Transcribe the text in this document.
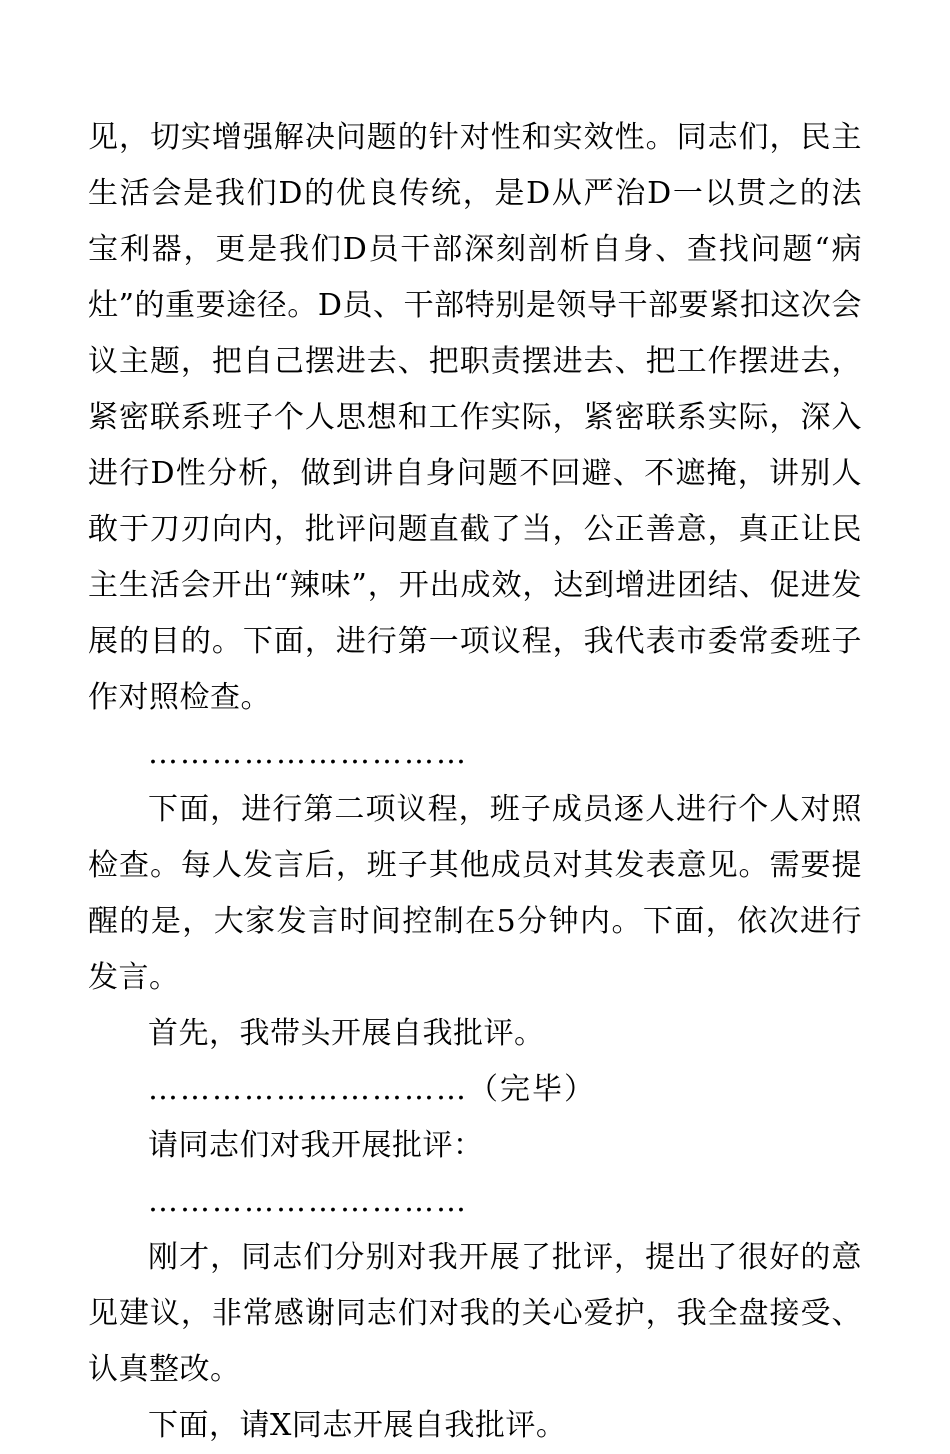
见，切实增强解决问题的针对性和实效性。同志们，民主生活会是我们D的优良传统，是D从严治D一以贯之的法宝利器，更是我们D员干部深刻剖析自身、查找问题“病灶”的重要途径。D员、干部特别是领导干部要紧扣这次会议主题，把自己摆进去、把职责摆进去、把工作摆进去，紧密联系班子个人思想和工作实际，紧密联系实际，深入进行D性分析，做到讲自身问题不回避、不遮掩，讲别人敢于刀刃向内，批评问题直截了当，公正善意，真正让民主生活会开出“辣味”，开出成效，达到增进团结、促进发展的目的。下面，进行第一项议程，我代表市委常委班子作对照检查。

…………………………

下面，进行第二项议程，班子成员逐人进行个人对照检查。每人发言后，班子其他成员对其发表意见。需要提醒的是，大家发言时间控制在5分钟内。下面，依次进行发言。

首先，我带头开展自我批评。

…………………………（完毕）

请同志们对我开展批评：

…………………………

刚才，同志们分别对我开展了批评，提出了很好的意见建议，非常感谢同志们对我的关心爱护，我全盘接受、认真整改。

下面，请X同志开展自我批评。
